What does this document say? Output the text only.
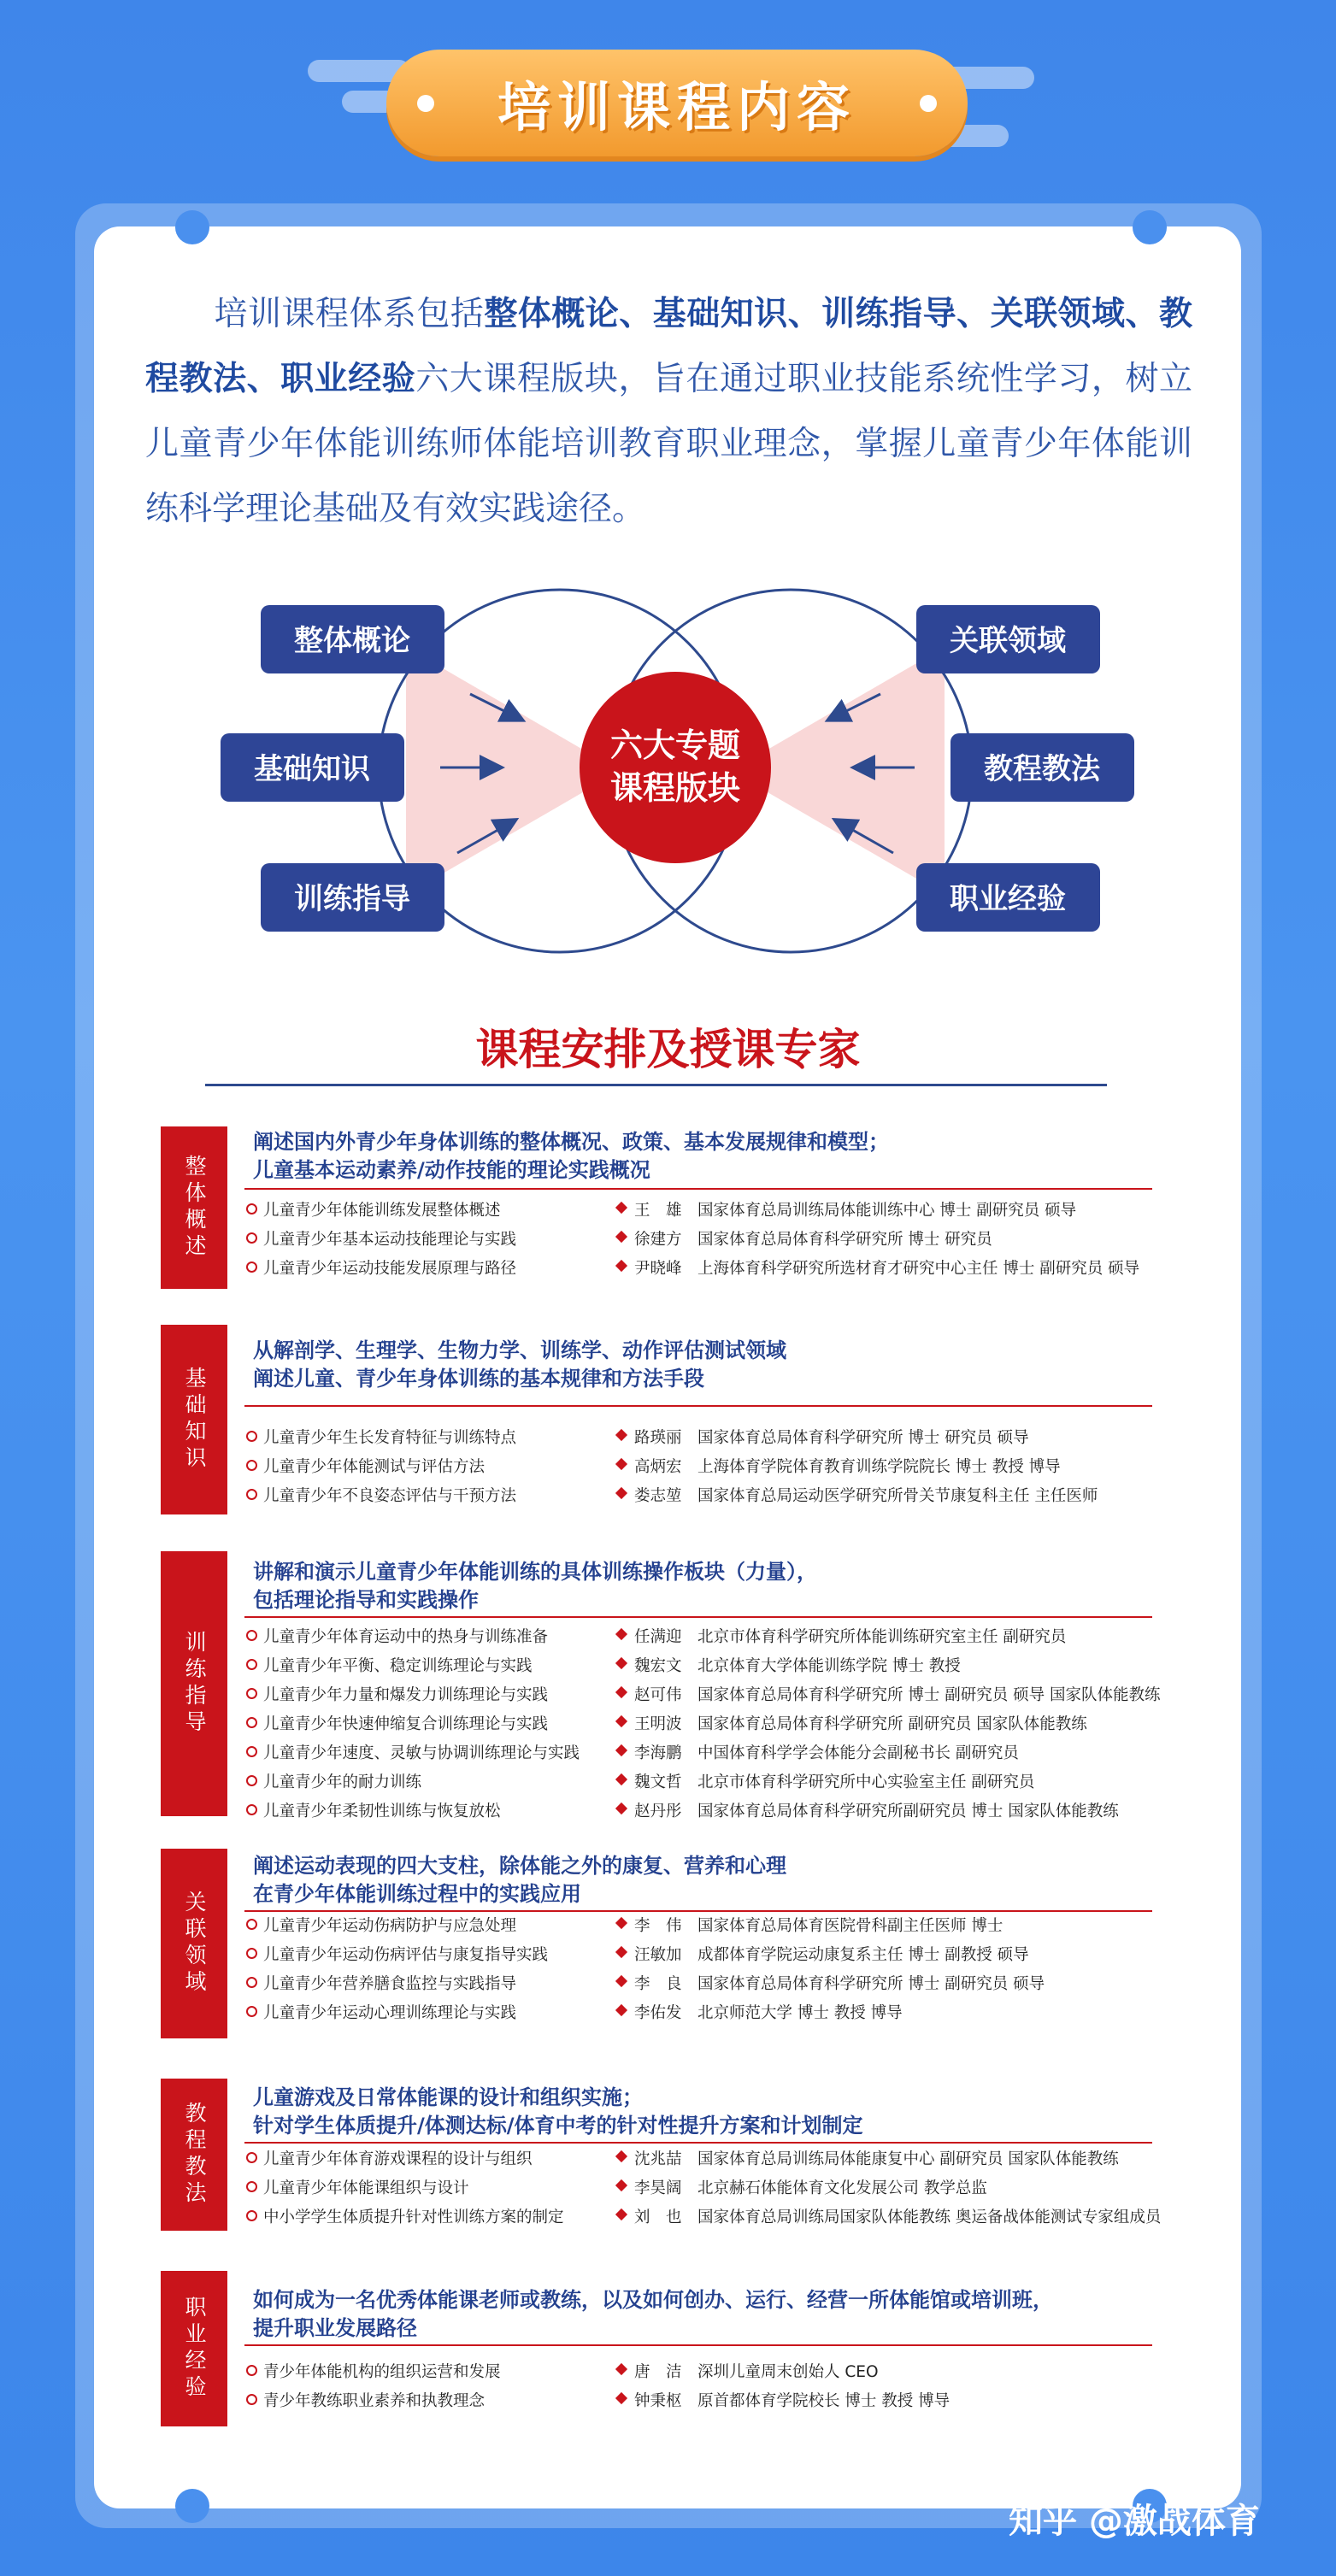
培训课程内容
培训课程体系包括整体概论、基础知识、训练指导、关联领域、教程教法、职业经验六大课程版块，旨在通过职业技能系统性学习，树立儿童青少年体能训练师体能培训教育职业理念，掌握儿童青少年体能训练科学理论基础及有效实践途径。
六大专题
课程版块
整体概论
基础知识
训练指导
关联领域
教程教法
职业经验
课程安排及授课专家
整体概述
阐述国内外青少年身体训练的整体概况、政策、基本发展规律和模型；
儿童基本运动素养/动作技能的理论实践概况
儿童青少年体能训练发展整体概述	王　雄 国家体育总局训练局体能训练中心 博士 副研究员 硕导
儿童青少年基本运动技能理论与实践	徐建方 国家体育总局体育科学研究所 博士 研究员
儿童青少年运动技能发展原理与路径	尹晓峰 上海体育科学研究所选材育才研究中心主任 博士 副研究员 硕导
基础知识
从解剖学、生理学、生物力学、训练学、动作评估测试领域
阐述儿童、青少年身体训练的基本规律和方法手段
儿童青少年生长发育特征与训练特点	路瑛丽 国家体育总局体育科学研究所 博士 研究员 硕导
儿童青少年体能测试与评估方法	高炳宏 上海体育学院体育教育训练学院院长 博士 教授 博导
儿童青少年不良姿态评估与干预方法	娄志堃 国家体育总局运动医学研究所骨关节康复科主任 主任医师
训练指导
讲解和演示儿童青少年体能训练的具体训练操作板块（力量），
包括理论指导和实践操作
儿童青少年体育运动中的热身与训练准备	任满迎 北京市体育科学研究所体能训练研究室主任 副研究员
儿童青少年平衡、稳定训练理论与实践	魏宏文 北京体育大学体能训练学院 博士 教授
儿童青少年力量和爆发力训练理论与实践	赵可伟 国家体育总局体育科学研究所 博士 副研究员 硕导 国家队体能教练
儿童青少年快速伸缩复合训练理论与实践	王明波 国家体育总局体育科学研究所 副研究员 国家队体能教练
儿童青少年速度、灵敏与协调训练理论与实践	李海鹏 中国体育科学学会体能分会副秘书长 副研究员
儿童青少年的耐力训练	魏文哲 北京市体育科学研究所中心实验室主任 副研究员
儿童青少年柔韧性训练与恢复放松	赵丹彤 国家体育总局体育科学研究所副研究员 博士 国家队体能教练
关联领域
阐述运动表现的四大支柱，除体能之外的康复、营养和心理
在青少年体能训练过程中的实践应用
儿童青少年运动伤病防护与应急处理	李　伟 国家体育总局体育医院骨科副主任医师 博士
儿童青少年运动伤病评估与康复指导实践	汪敏加 成都体育学院运动康复系主任 博士 副教授 硕导
儿童青少年营养膳食监控与实践指导	李　良 国家体育总局体育科学研究所 博士 副研究员 硕导
儿童青少年运动心理训练理论与实践	李佑发 北京师范大学 博士 教授 博导
教程教法
儿童游戏及日常体能课的设计和组织实施；
针对学生体质提升/体测达标/体育中考的针对性提升方案和计划制定
儿童青少年体育游戏课程的设计与组织	沈兆喆 国家体育总局训练局体能康复中心 副研究员 国家队体能教练
儿童青少年体能课组织与设计	李昊阔 北京赫石体能体育文化发展公司 教学总监
中小学学生体质提升针对性训练方案的制定	刘　也 国家体育总局训练局国家队体能教练 奥运备战体能测试专家组成员
职业经验	如何成为一名优秀体能课老师或教练，以及如何创办、运行、经营一所体能馆或培训班，
提升职业发展路径
青少年体能机构的组织运营和发展	唐　洁 深圳儿童周末创始人 CEO
青少年教练职业素养和执教理念	钟秉枢 原首都体育学院校长 博士 教授 博导
知乎 @激战体育
